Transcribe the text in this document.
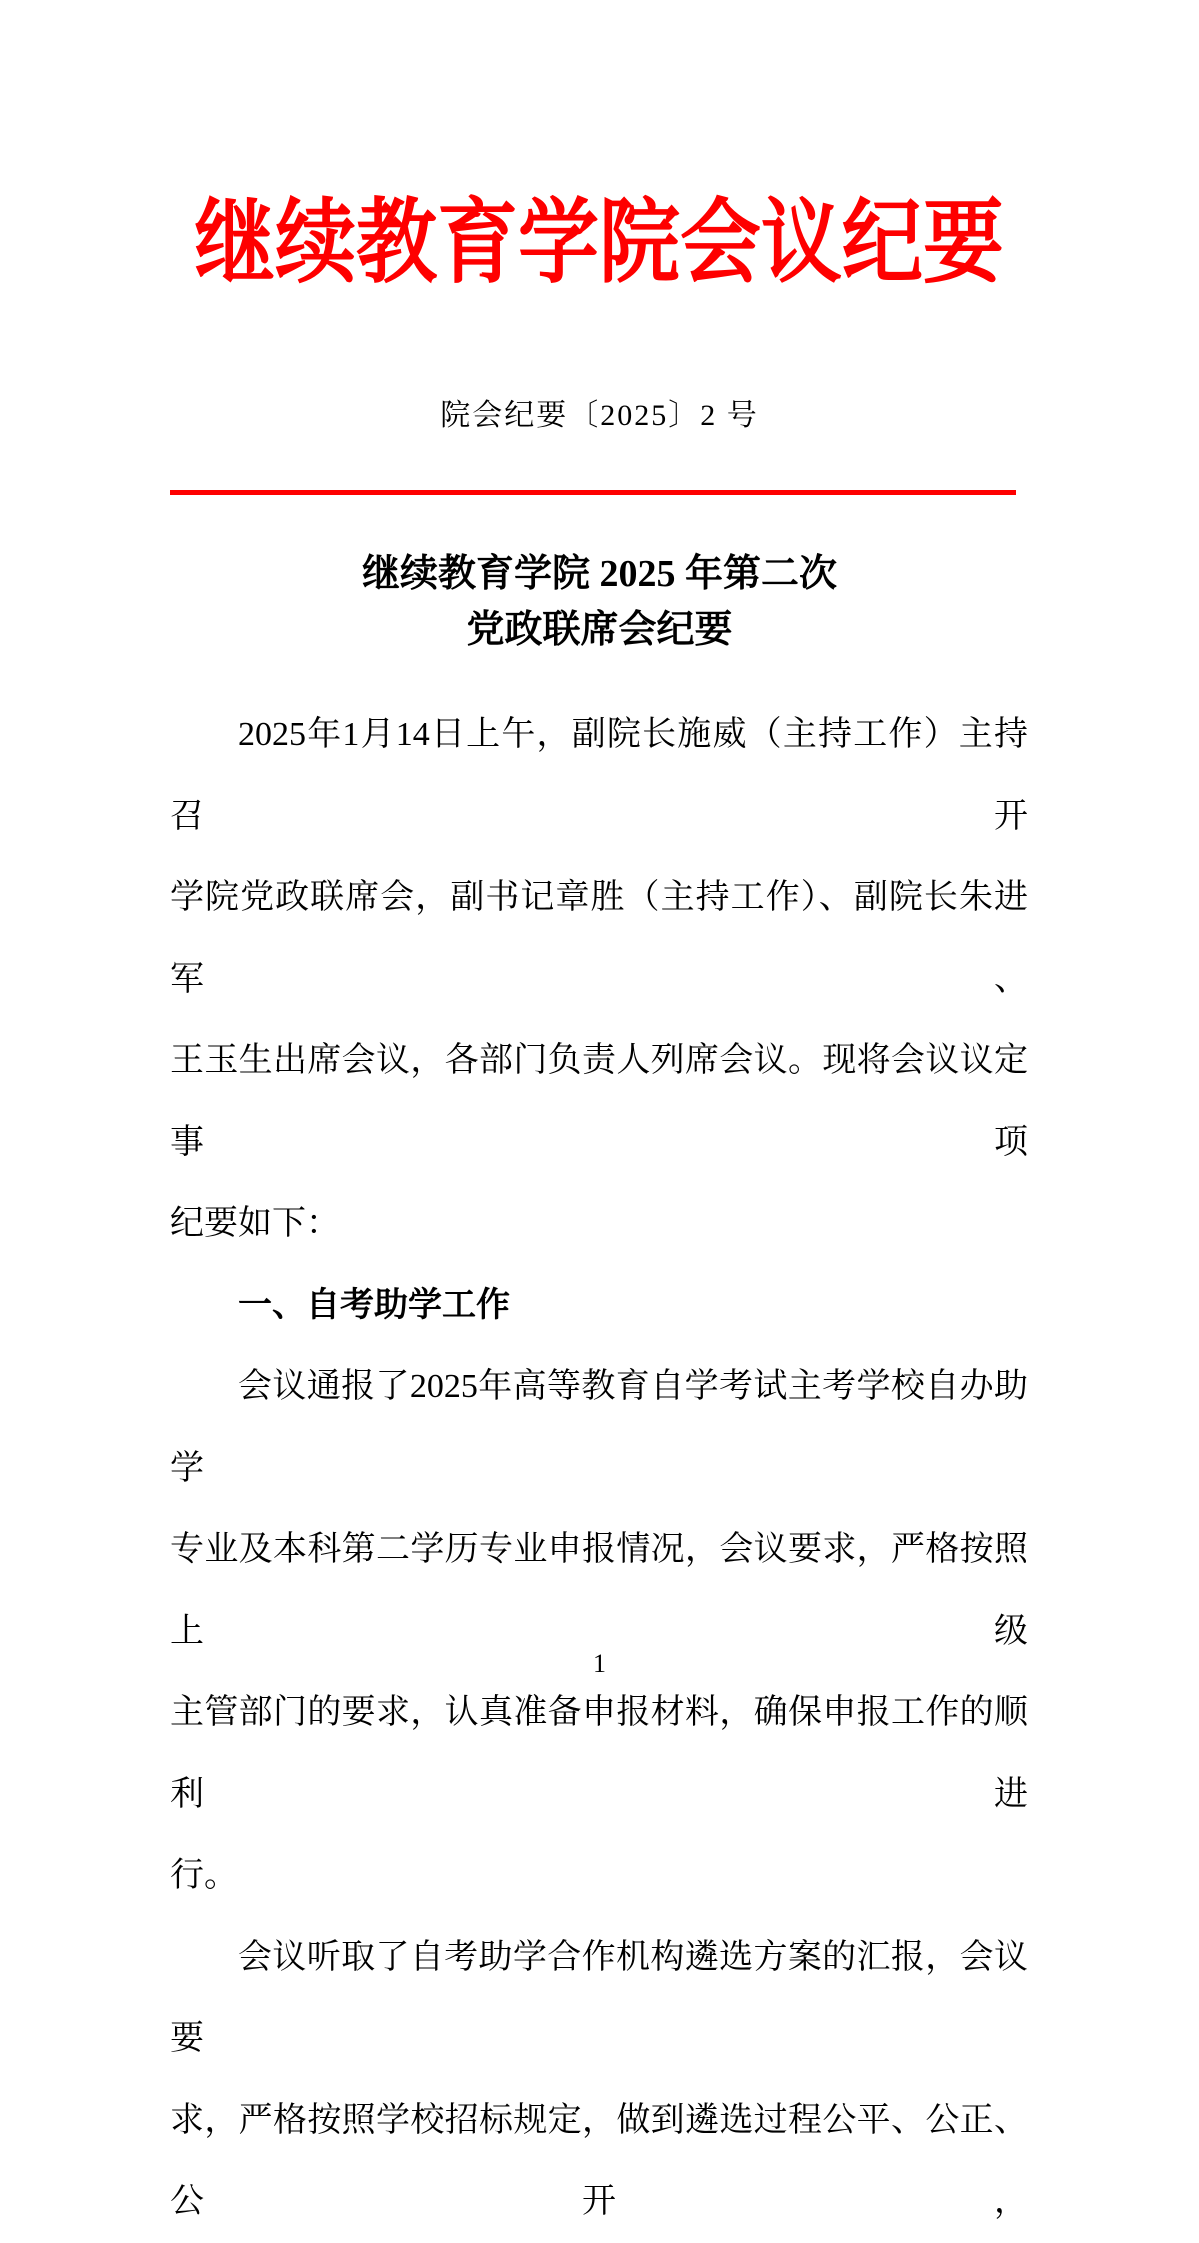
继续教育学院会议纪要
院会纪要〔2025〕2 号
继续教育学院 2025 年第二次
党政联席会纪要
2025年1月14日上午，副院长施威（主持工作）主持召开
学院党政联席会，副书记章胜（主持工作）、副院长朱进军、
王玉生出席会议，各部门负责人列席会议。现将会议议定事项
纪要如下：
一、自考助学工作
会议通报了2025年高等教育自学考试主考学校自办助学
专业及本科第二学历专业申报情况，会议要求，严格按照上级
主管部门的要求，认真准备申报材料，确保申报工作的顺利进
行。
会议听取了自考助学合作机构遴选方案的汇报，会议要
求，严格按照学校招标规定，做到遴选过程公平、公正、公开，
1
